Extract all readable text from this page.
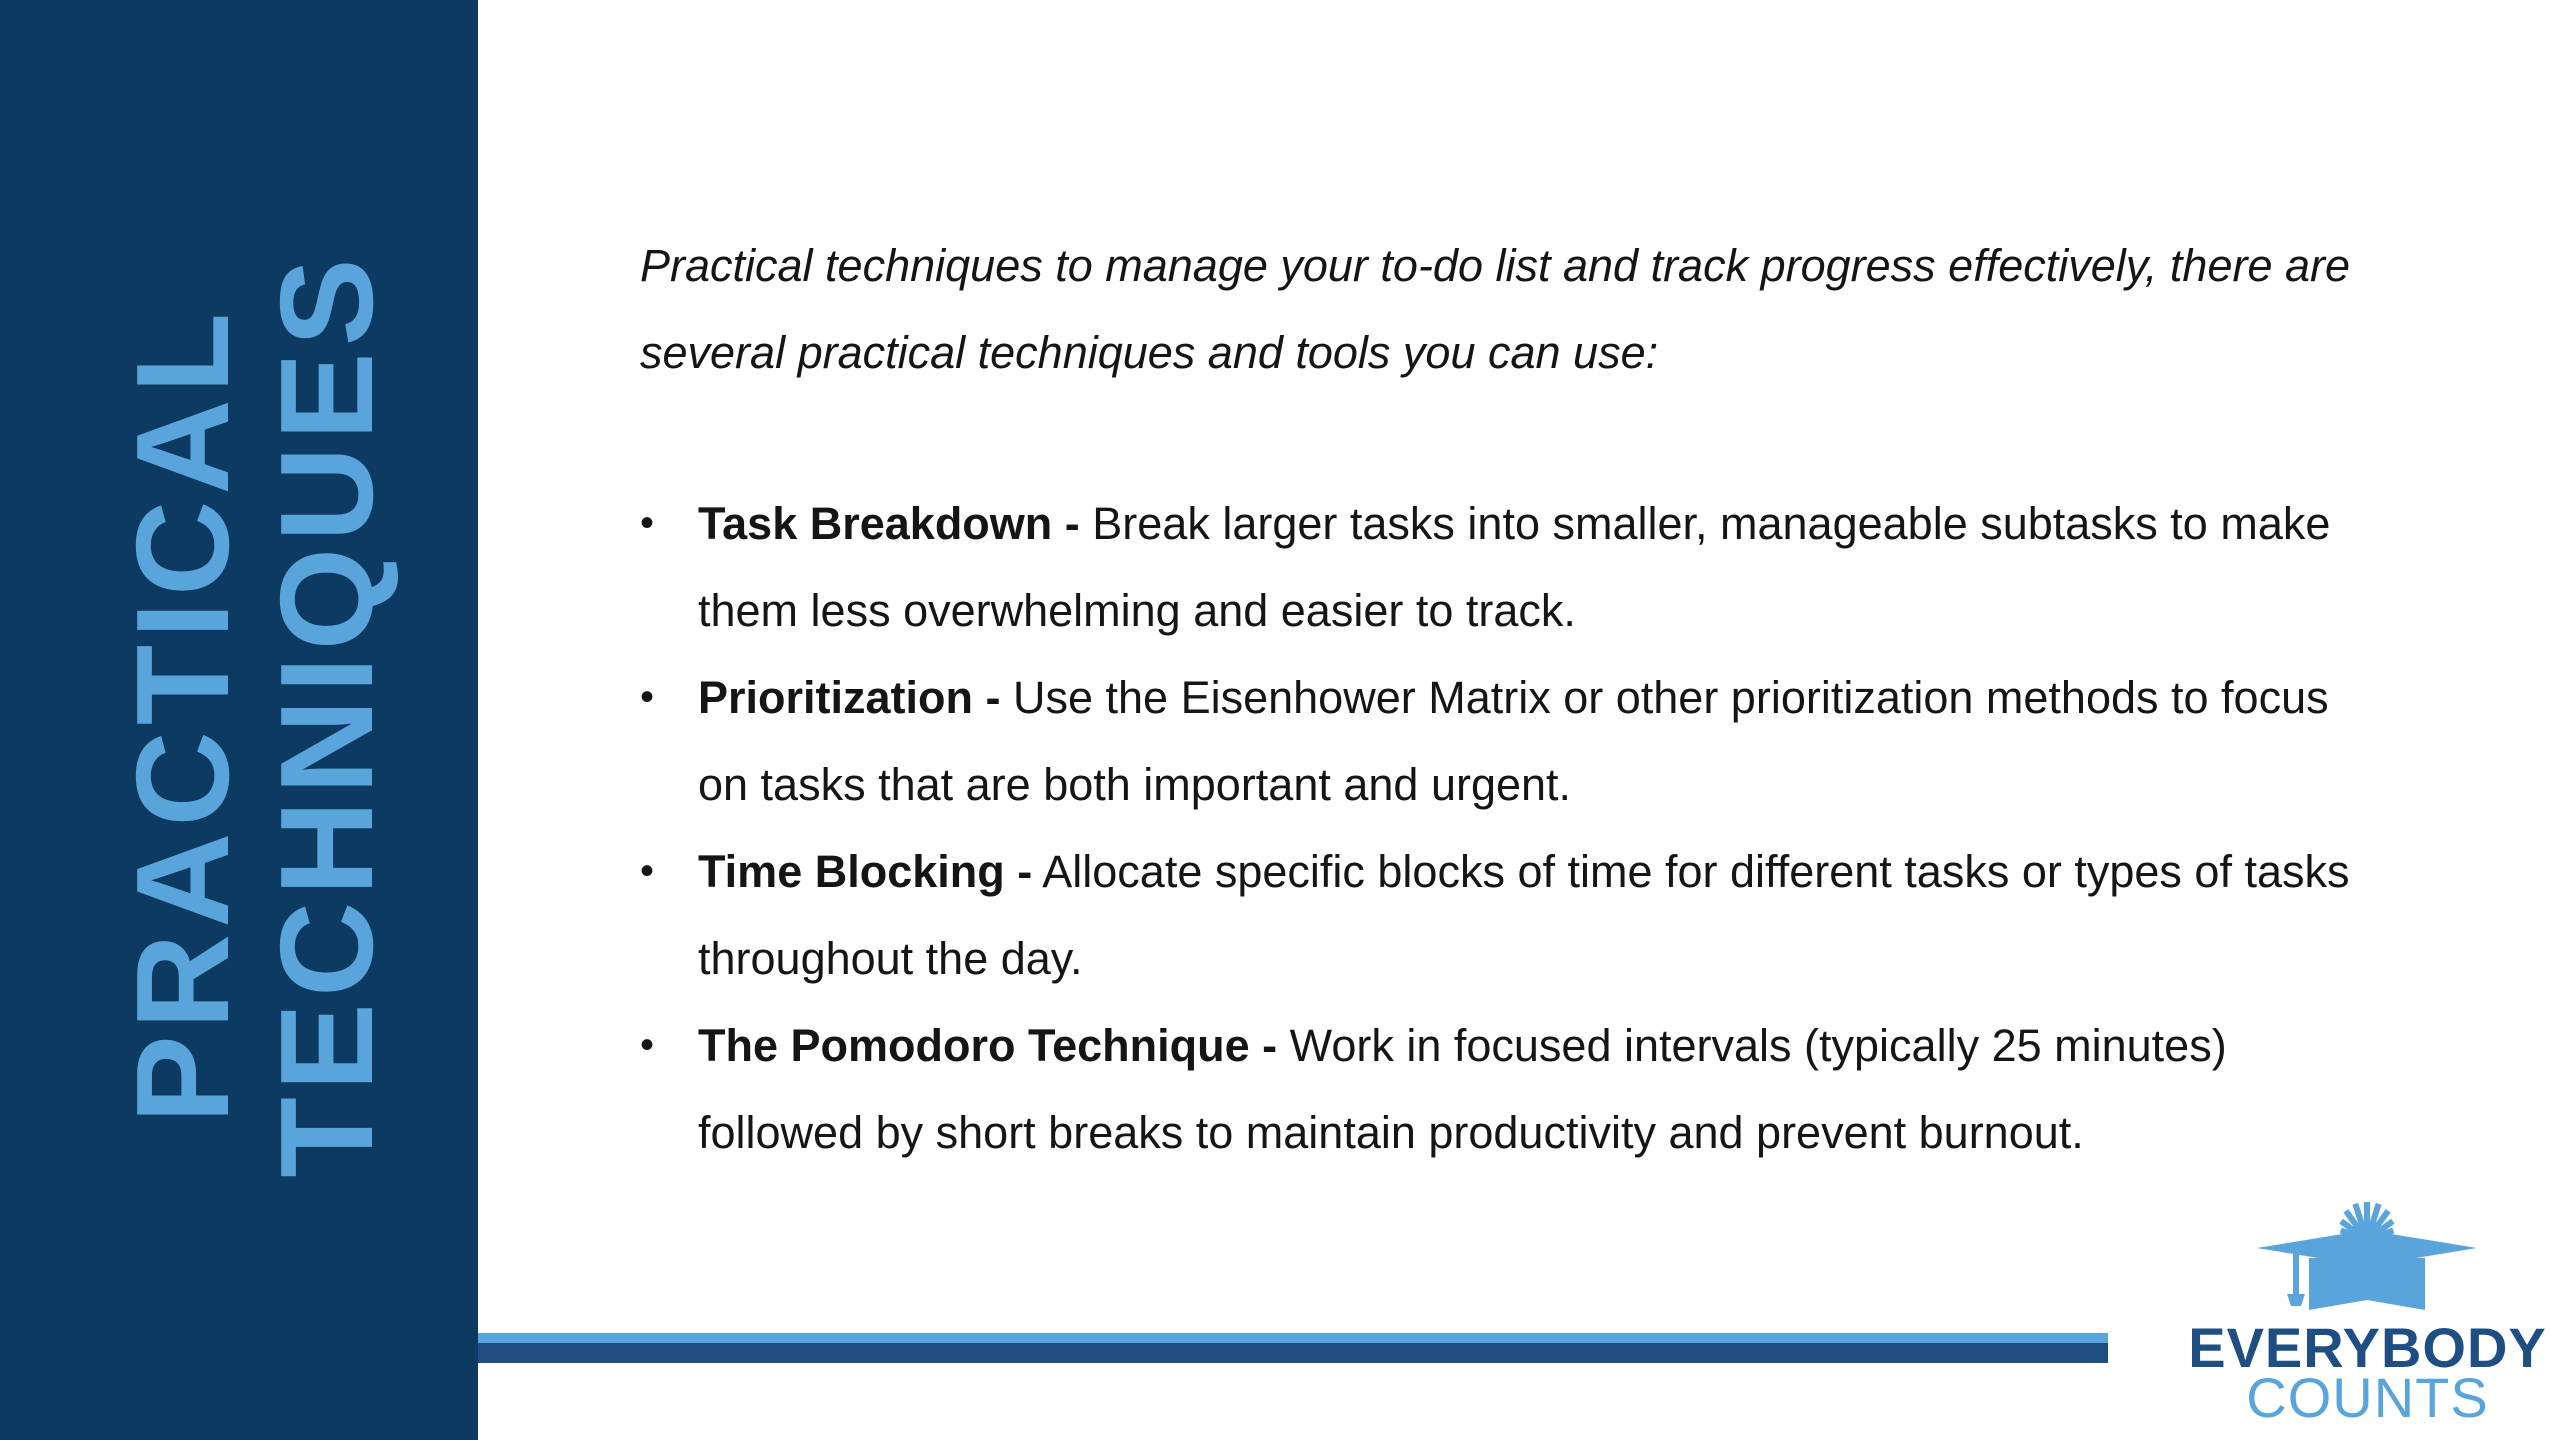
PRACTICAL
TECHNIQUES	Practical techniques to manage your to-do list and track progress effectively, there are several practical techniques and tools you can use:

• Task Breakdown - Break larger tasks into smaller, manageable subtasks to make them less overwhelming and easier to track.
• Prioritization - Use the Eisenhower Matrix or other prioritization methods to focus on tasks that are both important and urgent.
• Time Blocking - Allocate specific blocks of time for different tasks or types of tasks throughout the day.
• The Pomodoro Technique - Work in focused intervals (typically 25 minutes) followed by short breaks to maintain productivity and prevent burnout.
EVERYBODY
COUNTS
